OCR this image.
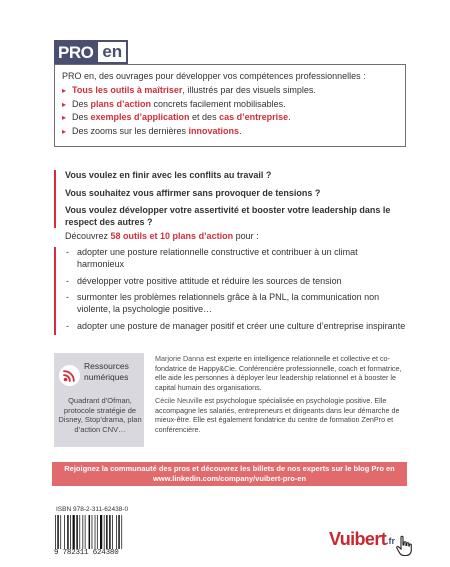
PRO en
PRO en, des ouvrages pour développer vos compétences professionnelles :
▸ Tous les outils à maîtriser, illustrés par des visuels simples.
▸ Des plans d’action concrets facilement mobilisables.
▸ Des exemples d’application et des cas d’entreprise.
▸ Des zooms sur les dernières innovations.
Vous voulez en finir avec les conflits au travail ?
Vous souhaitez vous affirmer sans provoquer de tensions ?
Vous voulez développer votre assertivité et booster votre leadership dans le respect des autres ?
Découvrez 58 outils et 10 plans d’action pour :
- adopter une posture relationnelle constructive et contribuer à un climat harmonieux
- développer votre positive attitude et réduire les sources de tension
- surmonter les problèmes relationnels grâce à la PNL, la communication non violente, la psychologie positive…
- adopter une posture de manager positif et créer une culture d’entreprise inspirante
Ressources
numériques
Quadrant d’Ofman, protocole stratégie de Disney, Stop’drama, plan d’action CNV…

Marjorie Danna est experte en intelligence relationnelle et collective et co-fondatrice de Happy&Cie. Conférencière professionnelle, coach et formatrice, elle aide les personnes à déployer leur leadership relationnel et à booster le capital humain des organisations.

Cécile Neuville est psychologue spécialisée en psychologie positive. Elle accompagne les salariés, entrepreneurs et dirigeants dans leur démarche de mieux-être. Elle est également fondatrice du centre de formation ZenPro et conférencière.

Rejoignez la communauté des pros et découvrez les billets de nos experts sur le blog Pro en
www.linkedin.com/company/vuibert-pro-en
ISBN 978-2-311-62438-0
9 782311 624380
Vuibert .fr
